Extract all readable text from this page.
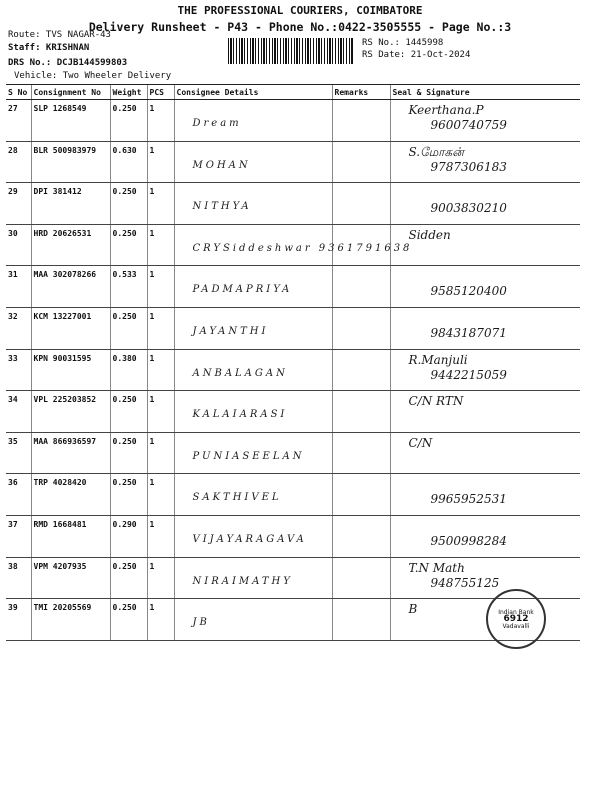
THE PROFESSIONAL COURIERS, COIMBATORE
Delivery Runsheet - P43 - Phone No.:0422-3505555 - Page No.:3
Route: TVS NAGAR-43
Staff: KRISHNAN
DRS No.: DCJB144599803
Vehicle: Two Wheeler Delivery
RS No.: 1445998
RS Date: 21-Oct-2024
S No	Consignment No	Weight	PCS	Consignee Details	Remarks	Seal & Signature
27	SLP 1268549	0.250	1	Dream		Keerthana.P
9600740759

28	BLR 500983979	0.630	1	MOHAN		S.மோகன்
9787306183

29	DPI 381412	0.250	1	NITHYA		9003830210

30	HRD 20626531	0.250	1	CRYSiddeshwar 9361791638		Sidden

31	MAA 302078266	0.533	1	PADMAPRIYA		9585120400

32	KCM 13227001	0.250	1	JAYANTHI		9843187071

33	KPN 90031595	0.380	1	ANBALAGAN		R.Manjuli
9442215059

34	VPL 225203852	0.250	1	KALAIARASI		C/N RTN

35	MAA 866936597	0.250	1	PUNIASEELAN		C/N

36	TRP 4028420	0.250	1	SAKTHIVEL		9965952531

37	RMD 1668481	0.290	1	VIJAYARAGAVA		9500998284

38	VPM 4207935	0.250	1	NIRAIMATHY		T.N Math
948755125

39	TMI 20205569	0.250	1	JB		B	Indian Bank
6912
Vadavalli
